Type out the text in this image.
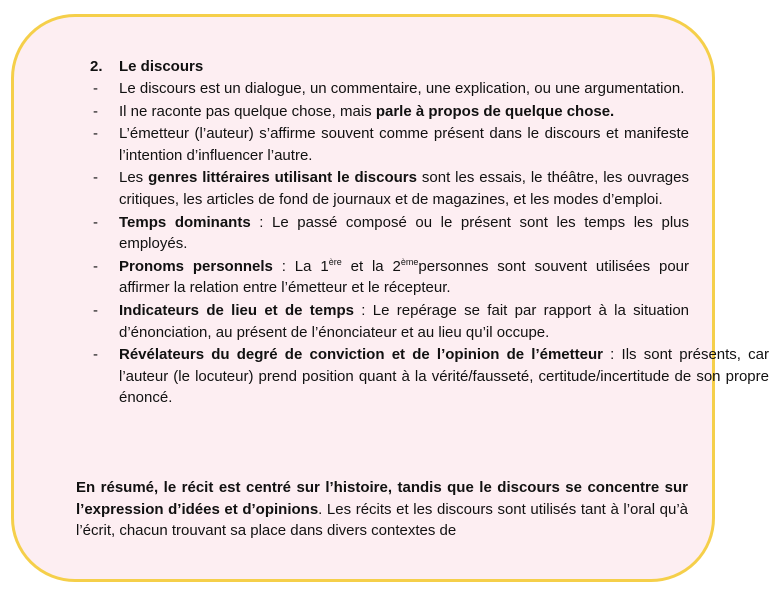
2. Le discours
- Le discours est un dialogue, un commentaire, une explication, ou une argumentation.
- Il ne raconte pas quelque chose, mais parle à propos de quelque chose.
- L’émetteur (l’auteur) s’affirme souvent comme présent dans le discours et manifeste l’intention d’influencer l’autre.
- Les genres littéraires utilisant le discours sont les essais, le théâtre, les ouvrages critiques, les articles de fond de journaux et de magazines, et les modes d’emploi.
- Temps dominants : Le passé composé ou le présent sont les temps les plus employés.
- Pronoms personnels : La 1ère et la 2èmepersonnes sont souvent utilisées pour affirmer la relation entre l’émetteur et le récepteur.
- Indicateurs de lieu et de temps : Le repérage se fait par rapport à la situation d’énonciation, au présent de l’énonciateur et au lieu qu’il occupe.
- Révélateurs du degré de conviction et de l’opinion de l’émetteur : Ils sont présents, car l’auteur (le locuteur) prend position quant à la vérité/fausseté, certitude/incertitude de son propre énoncé.

En résumé, le récit est centré sur l’histoire, tandis que le discours se concentre sur l’expression d’idées et d’opinions. Les récits et les discours sont utilisés tant à l’oral qu’à l’écrit, chacun trouvant sa place dans divers contextes de
